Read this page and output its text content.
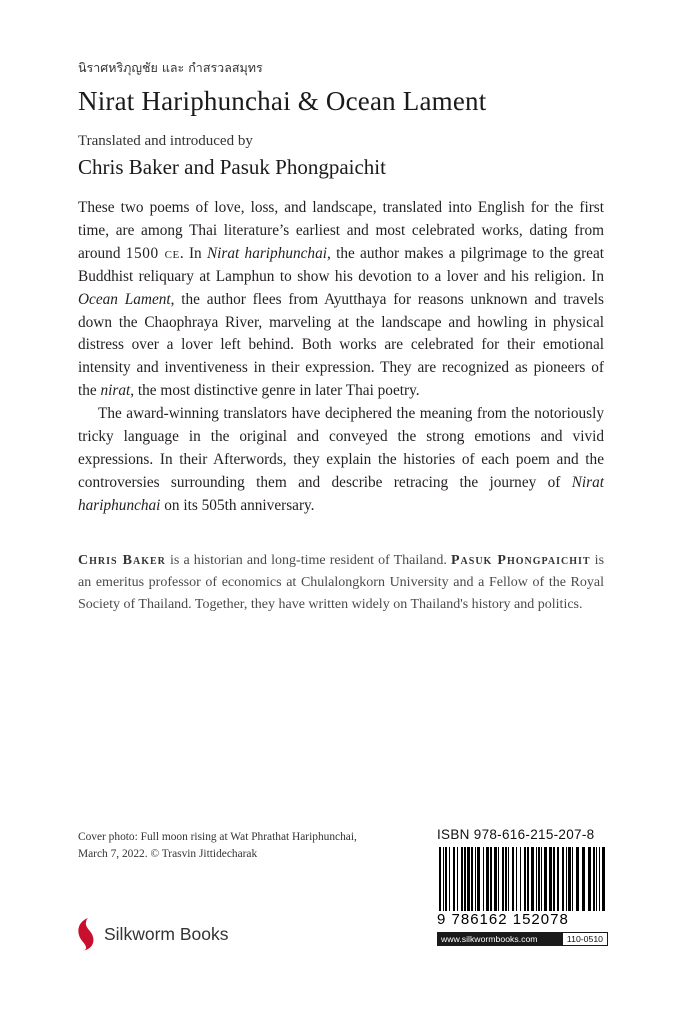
นิราศหริภุญชัย และ กำสรวลสมุทร
Nirat Hariphunchai & Ocean Lament
Translated and introduced by
Chris Baker and Pasuk Phongpaichit

These two poems of love, loss, and landscape, translated into English for the first time, are among Thai literature’s earliest and most celebrated works, dating from around 1500 ce. In Nirat hariphunchai, the author makes a pilgrimage to the great Buddhist reliquary at Lamphun to show his devotion to a lover and his religion. In Ocean Lament, the author flees from Ayutthaya for reasons unknown and travels down the Chaophraya River, marveling at the landscape and howling in physical distress over a lover left behind. Both works are celebrated for their emotional intensity and inventiveness in their expression. They are recognized as pioneers of the nirat, the most distinctive genre in later Thai poetry.

The award-winning translators have deciphered the meaning from the notoriously tricky language in the original and conveyed the strong emotions and vivid expressions. In their Afterwords, they explain the histories of each poem and the controversies surrounding them and describe retracing the journey of Nirat hariphunchai on its 505th anniversary.

Chris Baker is a historian and long-time resident of Thailand. Pasuk Phongpaichit is an emeritus professor of economics at Chulalongkorn University and a Fellow of the Royal Society of Thailand. Together, they have written widely on Thailand's history and politics.

Cover photo: Full moon rising at Wat Phrathat Hariphunchai,
March 7, 2022. © Trasvin Jittidecharak
Silkworm Books
ISBN 978-616-215-207-8
9 786162 152078
www.silkwormbooks.com	110-0510
